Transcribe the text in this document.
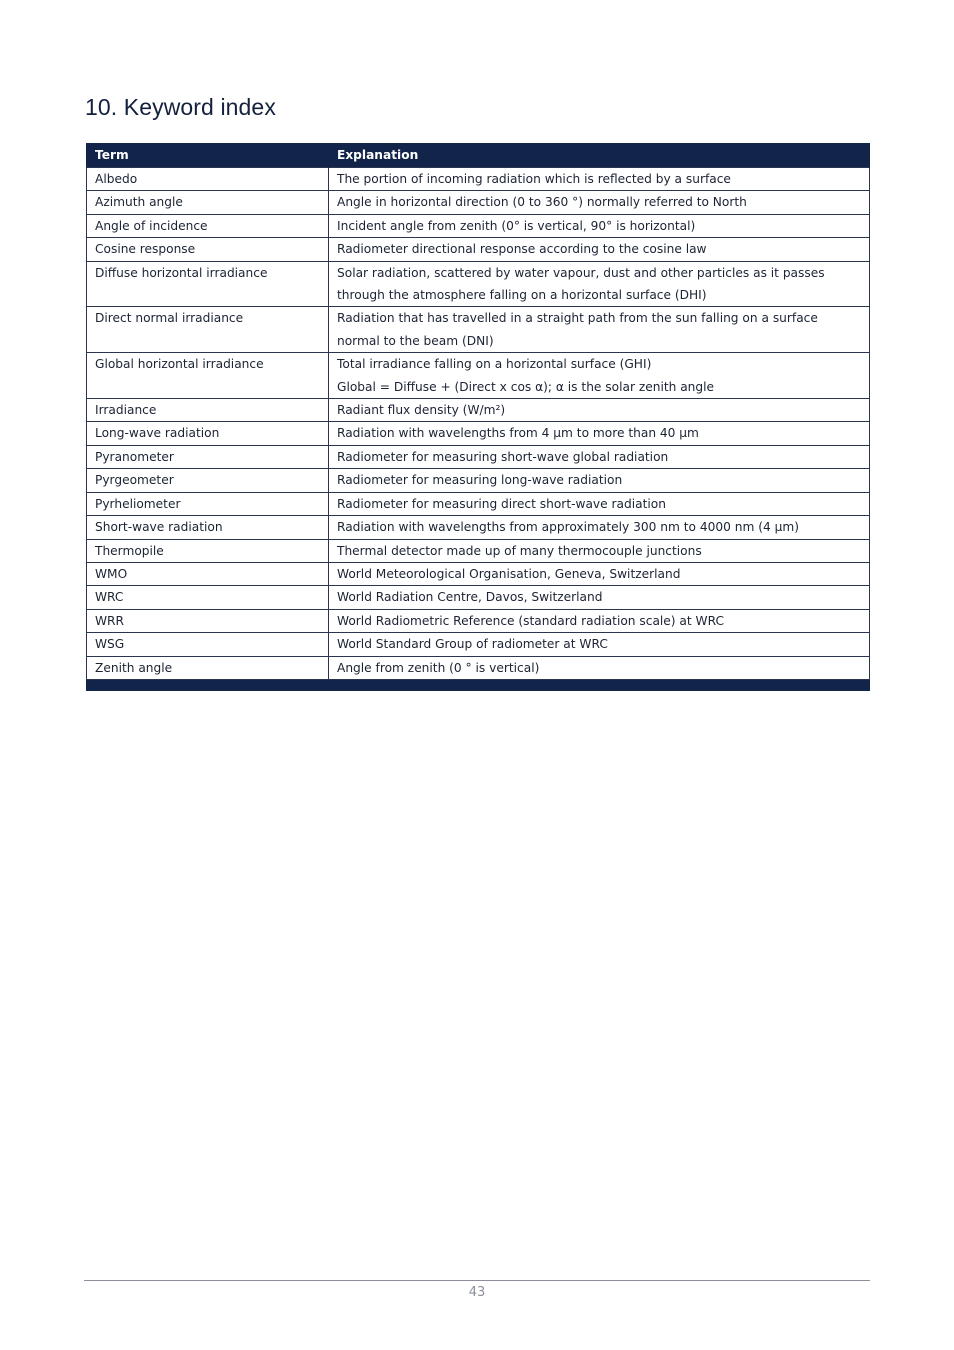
10. Keyword index
Term	Explanation
Albedo	The portion of incoming radiation which is reflected by a surface

Azimuth angle	Angle in horizontal direction (0 to 360 °) normally referred to North

Angle of incidence	Incident angle from zenith (0° is vertical, 90° is horizontal)

Cosine response	Radiometer directional response according to the cosine law

Diffuse horizontal irradiance	Solar radiation, scattered by water vapour, dust and other particles as it passes through the atmosphere falling on a horizontal surface (DHI)

Direct normal irradiance	Radiation that has travelled in a straight path from the sun falling on a surface normal to the beam (DNI)

Global horizontal irradiance	Total irradiance falling on a horizontal surface (GHI)
Global = Diffuse + (Direct x cos α); α is the solar zenith angle

Irradiance	Radiant flux density (W/m²)

Long-wave radiation	Radiation with wavelengths from 4 µm to more than 40 µm

Pyranometer	Radiometer for measuring short-wave global radiation

Pyrgeometer	Radiometer for measuring long-wave radiation

Pyrheliometer	Radiometer for measuring direct short-wave radiation

Short-wave radiation	Radiation with wavelengths from approximately 300 nm to 4000 nm (4 µm)

Thermopile	Thermal detector made up of many thermocouple junctions

WMO	World Meteorological Organisation, Geneva, Switzerland

WRC	World Radiation Centre, Davos, Switzerland

WRR	World Radiometric Reference (standard radiation scale) at WRC

WSG	World Standard Group of radiometer at WRC

Zenith angle	Angle from zenith (0 ° is vertical)

43
